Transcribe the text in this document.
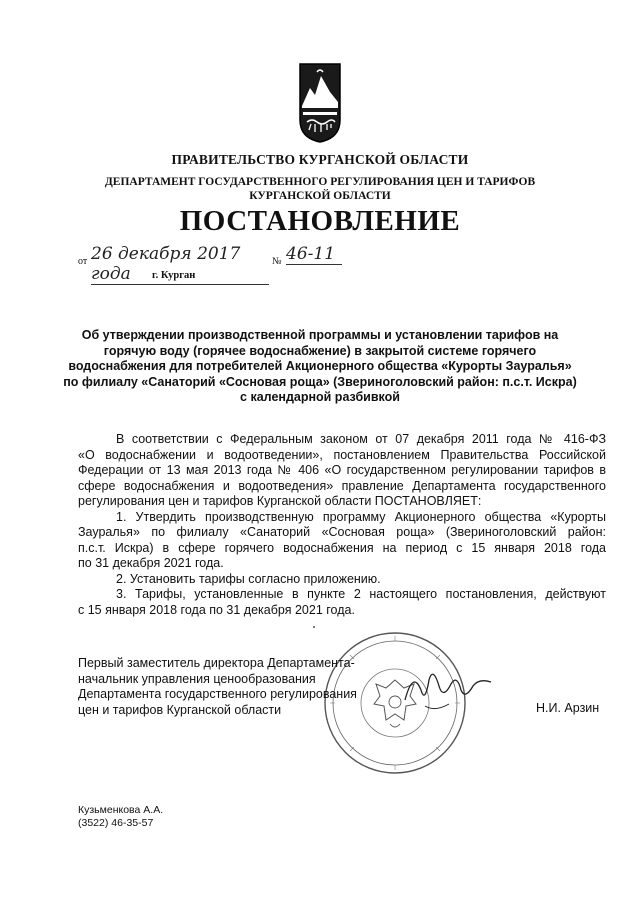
ПРАВИТЕЛЬСТВО КУРГАНСКОЙ ОБЛАСТИ
ДЕПАРТАМЕНТ ГОСУДАРСТВЕННОГО РЕГУЛИРОВАНИЯ ЦЕН И ТАРИФОВ
КУРГАНСКОЙ ОБЛАСТИ
ПОСТАНОВЛЕНИЕ
от 26 декабря 2017 года
№ 46-11
г. Курган
Об утверждении производственной программы и установлении тарифов на
горячую воду (горячее водоснабжение) в закрытой системе горячего
водоснабжения для потребителей Акционерного общества «Курорты Зауралья»
по филиалу «Санаторий «Сосновая роща» (Звериноголовский район: п.с.т. Искра)
с календарной разбивкой
В соответствии с Федеральным законом от 07 декабря 2011 года № 416-ФЗ
«О водоснабжении и водоотведении», постановлением Правительства Российской
Федерации от 13 мая 2013 года № 406 «О государственном регулировании тарифов в
сфере водоснабжения и водоотведения» правление Департамента государственного
регулирования цен и тарифов Курганской области ПОСТАНОВЛЯЕТ:
1. Утвердить производственную программу Акционерного общества «Курорты
Зауралья» по филиалу «Санаторий «Сосновая роща» (Звериноголовский район:
п.с.т. Искра) в сфере горячего водоснабжения на период с 15 января 2018 года
по 31 декабря 2021 года.
2. Установить тарифы согласно приложению.
3. Тарифы, установленные в пункте 2 настоящего постановления, действуют
с 15 января 2018 года по 31 декабря 2021 года.
Первый заместитель директора Департамента-
начальник управления ценообразования
Департамента государственного регулирования
цен и тарифов Курганской области	Н.И. Арзин
Кузьменкова А.А.
(3522) 46-35-57
